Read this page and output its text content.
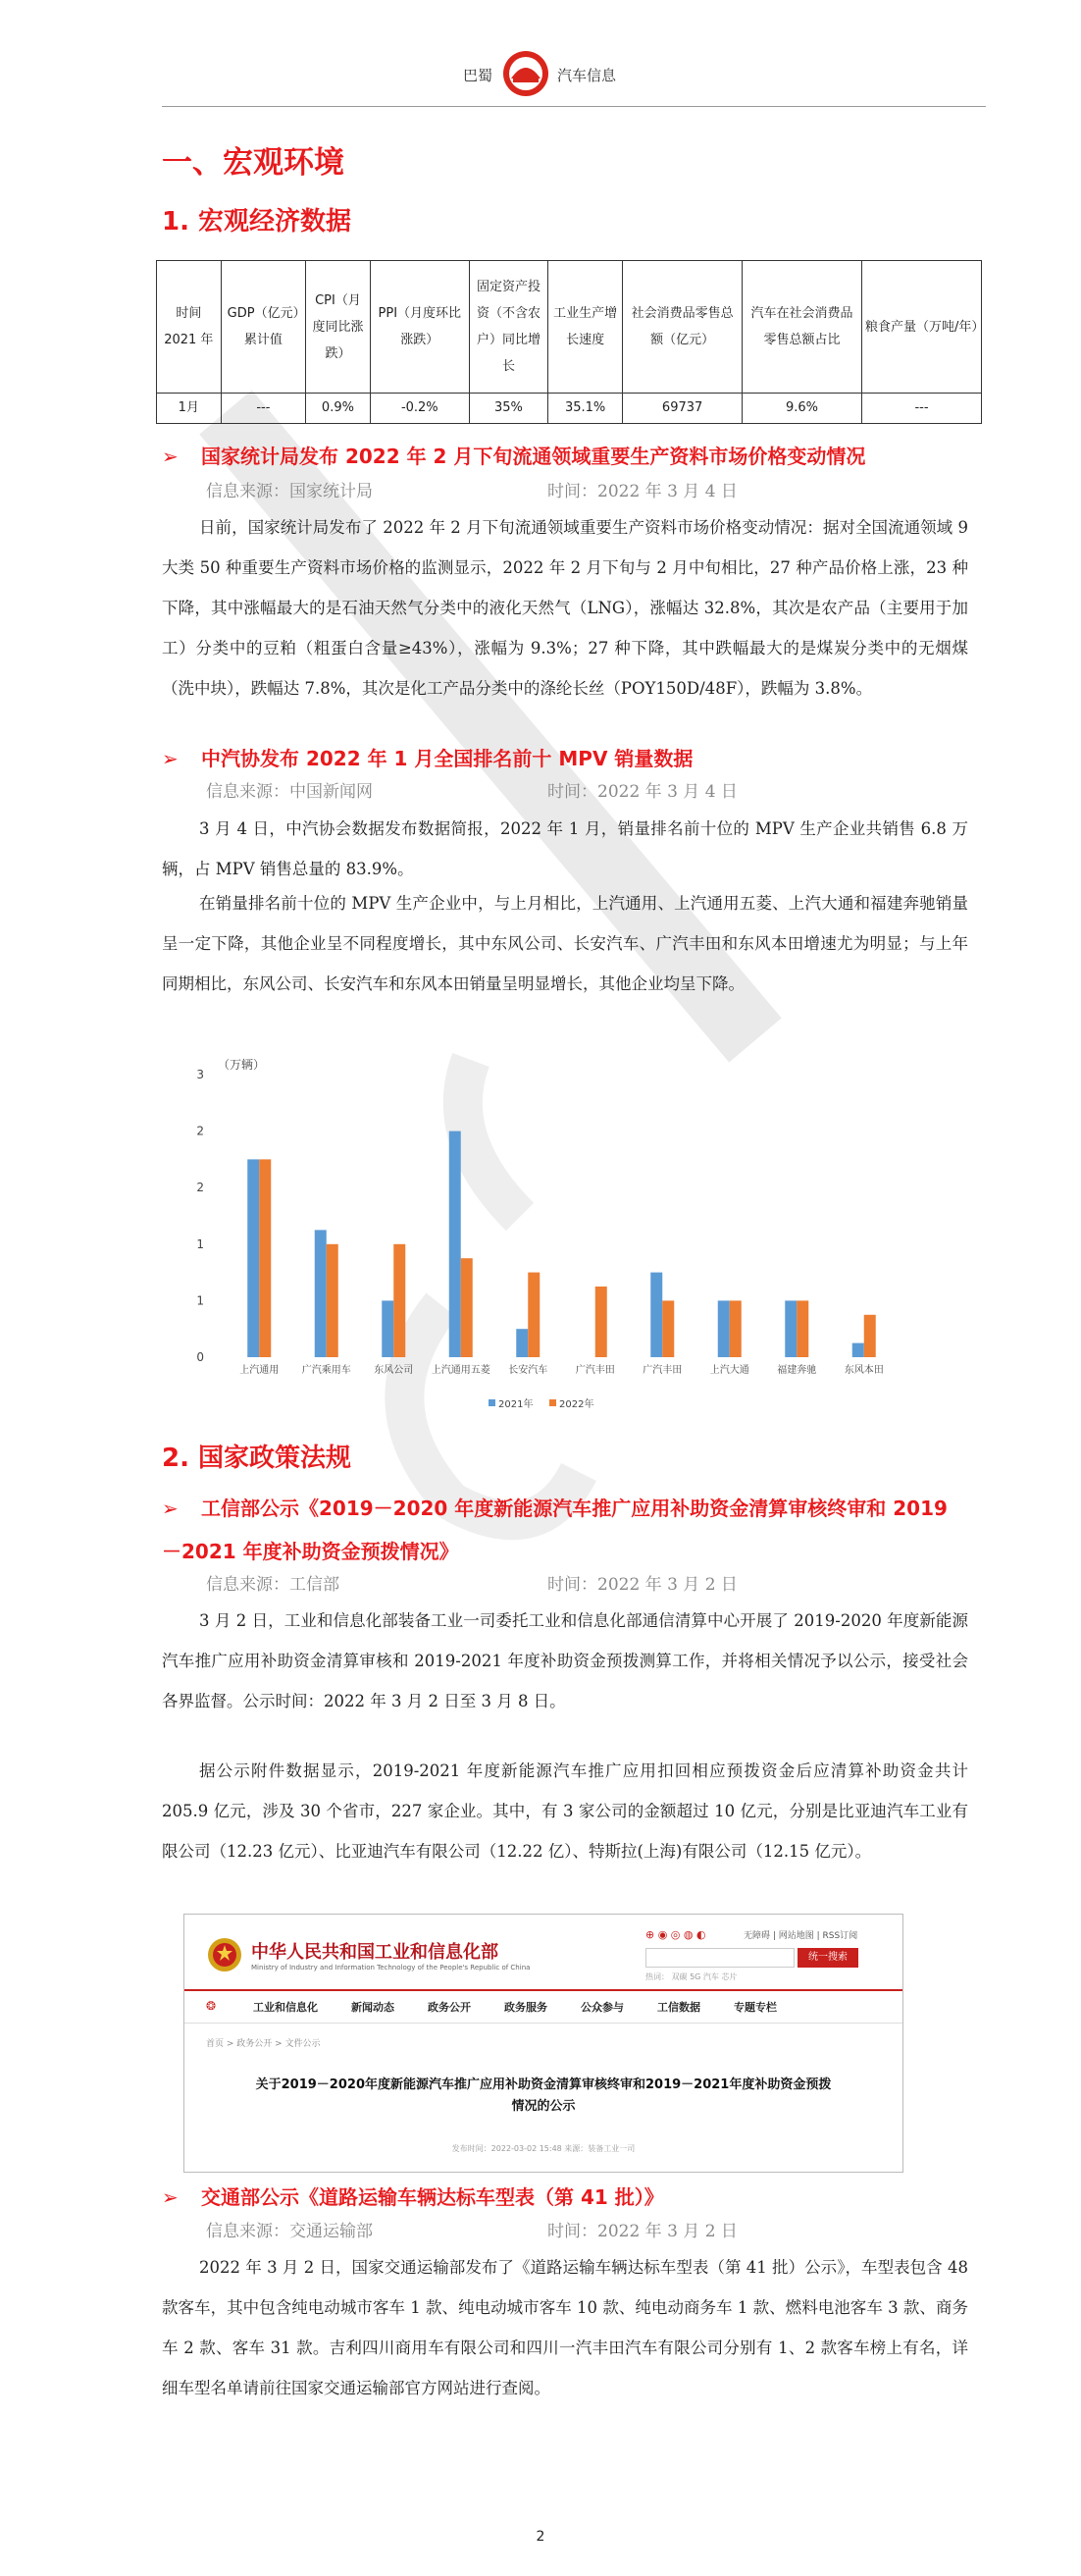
巴蜀	汽车信息
一、宏观环境
1. 宏观经济数据
时间 2021 年	GDP（亿元）累计值	CPI（月度同比涨跌）	PPI（月度环比涨跌）	固定资产投资（不含农户）同比增长	工业生产增长速度	社会消费品零售总额（亿元）	汽车在社会消费品零售总额占比	粮食产量（万吨/年）
1月	---	0.9%	-0.2%	35%	35.1%	69737	9.6%	---
➢ 国家统计局发布 2022 年 2 月下旬流通领域重要生产资料市场价格变动情况
信息来源：国家统计局	时间：2022 年 3 月 4 日
日前，国家统计局发布了 2022 年 2 月下旬流通领域重要生产资料市场价格变动情况：据对全国流通领域 9 大类 50 种重要生产资料市场价格的监测显示，2022 年 2 月下旬与 2 月中旬相比，27 种产品价格上涨，23 种下降，其中涨幅最大的是石油天然气分类中的液化天然气（LNG），涨幅达 32.8%，其次是农产品（主要用于加工）分类中的豆粕（粗蛋白含量≥43%），涨幅为 9.3%；27 种下降，其中跌幅最大的是煤炭分类中的无烟煤（洗中块），跌幅达 7.8%，其次是化工产品分类中的涤纶长丝（POY150D/48F），跌幅为 3.8%。
➢ 中汽协发布 2022 年 1 月全国排名前十 MPV 销量数据
信息来源：中国新闻网	时间：2022 年 3 月 4 日
3 月 4 日，中汽协会数据发布数据简报，2022 年 1 月，销量排名前十位的 MPV 生产企业共销售 6.8 万辆，占 MPV 销售总量的 83.9%。
在销量排名前十位的 MPV 生产企业中，与上月相比，上汽通用、上汽通用五菱、上汽大通和福建奔驰销量呈一定下降，其他企业呈不同程度增长，其中东风公司、长安汽车、广汽丰田和东风本田增速尤为明显；与上年同期相比，东风公司、长安汽车和东风本田销量呈明显增长，其他企业均呈下降。
（万辆）
0
1
1
2
2
3
上汽通用 广汽乘用车 东风公司 上汽通用五菱 长安汽车	广汽丰田	广汽丰田	上汽大通	福建奔驰	东风本田
2021年	2022年
2. 国家政策法规
➢ 工信部公示《2019－2020 年度新能源汽车推广应用补助资金清算审核终审和 2019－2021 年度补助资金预拨情况》
信息来源：工信部	时间：2022 年 3 月 2 日
3 月 2 日，工业和信息化部装备工业一司委托工业和信息化部通信清算中心开展了 2019-2020 年度新能源汽车推广应用补助资金清算审核和 2019-2021 年度补助资金预拨测算工作，并将相关情况予以公示，接受社会各界监督。公示时间：2022 年 3 月 2 日至 3 月 8 日。
据公示附件数据显示，2019-2021 年度新能源汽车推广应用扣回相应预拨资金后应清算补助资金共计 205.9 亿元，涉及 30 个省市，227 家企业。其中，有 3 家公司的金额超过 10 亿元，分别是比亚迪汽车工业有限公司（12.23 亿元）、比亚迪汽车有限公司（12.22 亿）、特斯拉(上海)有限公司（12.15 亿元）。
中华人民共和国工业和信息化部
Ministry of Industry and Information Technology of the People's Republic of China
⊕ ◉ ◎ ◍ ◐	无障碍 | 网站地图 | RSS订阅
统一搜索
热词： 双碳 5G 汽车 芯片
❂	工业和信息化	新闻动态	政务公开	政务服务	公众参与	工信数据	专题专栏
首页 > 政务公开 > 文件公示
关于2019－2020年度新能源汽车推广应用补助资金清算审核终审和2019－2021年度补助资金预拨情况的公示
发布时间：2022-03-02 15:48 来源：装备工业一司
➢ 交通部公示《道路运输车辆达标车型表（第 41 批）》
信息来源：交通运输部	时间：2022 年 3 月 2 日
2022 年 3 月 2 日，国家交通运输部发布了《道路运输车辆达标车型表（第 41 批）公示》，车型表包含 48 款客车，其中包含纯电动城市客车 1 款、纯电动城市客车 10 款、纯电动商务车 1 款、燃料电池客车 3 款、商务车 2 款、客车 31 款。吉利四川商用车有限公司和四川一汽丰田汽车有限公司分别有 1、2 款客车榜上有名，详细车型名单请前往国家交通运输部官方网站进行查阅。
2
